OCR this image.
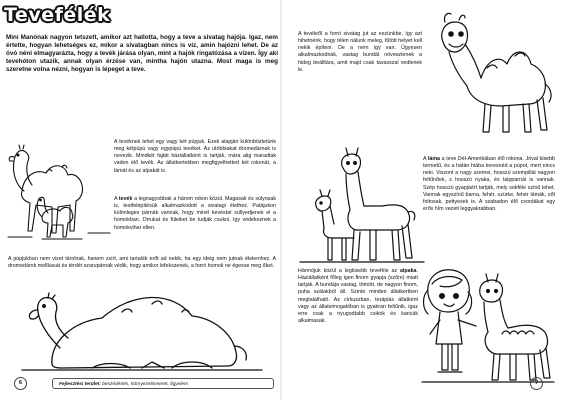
Tevefélék

Mini Manónak nagyon tetszett, amikor azt hallotta, hogy a teve a sivatag hajója. Igaz, nem értette, hogyan lehetséges ez, mikor a sivatagban nincs is víz, amin hajózni lehet. De az óvó néni elmagyarázta, hogy a tevék járása olyan, mint a hajók ringatózása a vízen. Így aki tevehóton utazik, annak olyan érzése van, mintha hajón utazna. Most maga is meg szeretne volna nézni, hogyan is lépeget a teve.

A tevéknek lehet egy vagy két púpjuk. Ezek alapján különböztetünk meg kétpúpú vagy egypúpú tevéket. Az utóbbiakat dromedárnak is nevezik. Mindkét fajtát háziállatként is tartják, mára alig maradtak vadon élő tevék. Az állatkertekben megfigyelhetted két rokonát, a lámát és az alpakát is.

A tevék a legnagyobbak a három rokon közül. Magasak és súlyosak is, testfelépítésük alkalmazkodott a sivatagi élethez. Patájukon különleges párnák vannak, hogy minél kevésbé süllyedjenek el a homokban. Orrukat és füleiket be tudják csukni, így védekeznek a homokvihar ellen.

A púpjukban nem vizet tárolnak, hanem zsírt, ami tartalék erőt ad nekik, ha egy ideig nem jutnak élelemhez. A dromedárok mellkasát és térdét szarupárnák védik, hogy amikor lefekszenek, a forró homok ne égesse meg őket.

6	Fejlesztési terület: beszédértés, környezetismeret, figyelem

A tevékről a forró sivatag jut az eszünkbe, így azt hihetnénk, hogy télen nálunk meleg, fűtött helyet kell nekik építeni. De a nem így van. Ügyesen alkalmazkodnak, vastag bundát növesztenek a hideg beálltára, amit majd csak tavasszal vedlenek le.

A láma a teve Dél-Amerikában élő rokona. Jóval kisebb termetű, és a hátán hiába keresnéd a púpot, mert nincs neki. Viszont a nagy szemei, hosszú szempillái nagyon feltűnőek, s hosszú nyaka, és talpparnái is vannak. Szép hosszú gyapjáért tartják, mely sokféle színű lehet. Vannak egyszínű barna, fehér, szürke, fehér lámák, sőt foltosak, pettyesek is. A szabadon élő csordákat egy erős hím vezeti leggyakrabban.

Hármójuk közül a legkisebb teveféle az alpaka. Háziállatként főleg igen finom gyapja (szőre) miatt tartják. A bundája vastag, tömött, de nagyon finom, puha szálakból áll. Szinte minden állatkertben megtalálható. Az cirkuszban, terápiás állatként vagy az állatsimogatóban is gyakran feltűnik, igaz erre csak a nyugodtabb csikók és kancák alkalmasak.

7
